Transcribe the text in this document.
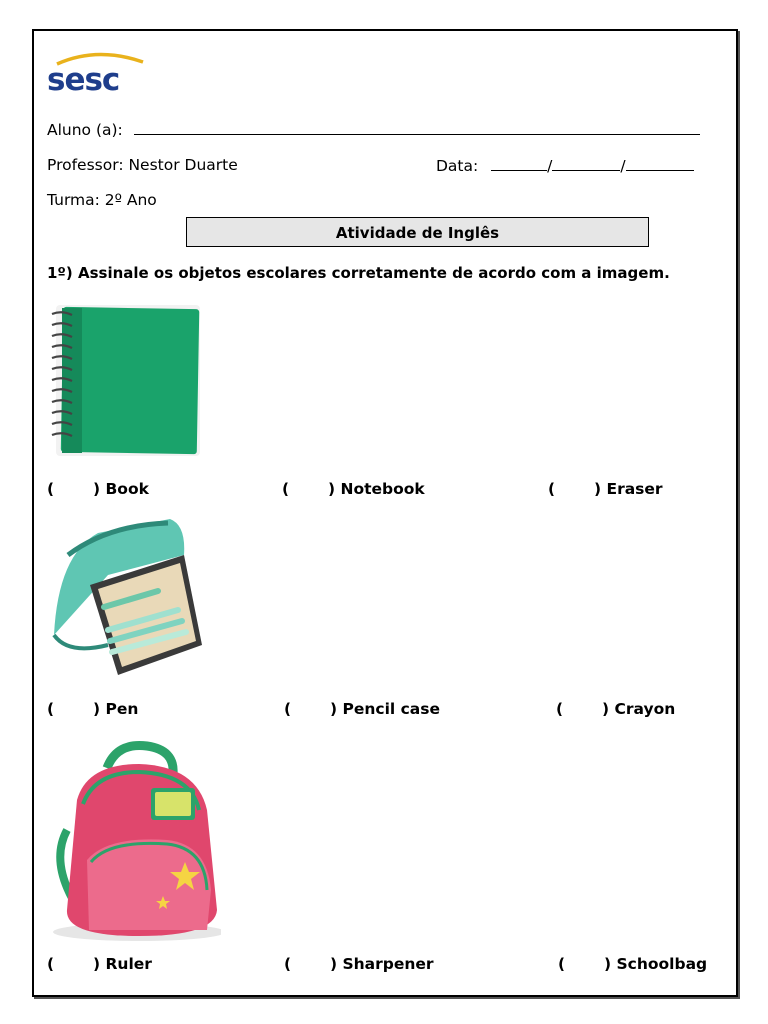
sesc
Aluno (a):
Professor: Nestor Duarte	Data:	/	/
Turma: 2º Ano
Atividade de Inglês
1º) Assinale os objetos escolares corretamente de acordo com a imagem.
(	) Book	(	) Notebook	(	) Eraser
(	) Pen	(	) Pencil case	(	) Crayon
(	) Ruler	(	) Sharpener	(	) Schoolbag
